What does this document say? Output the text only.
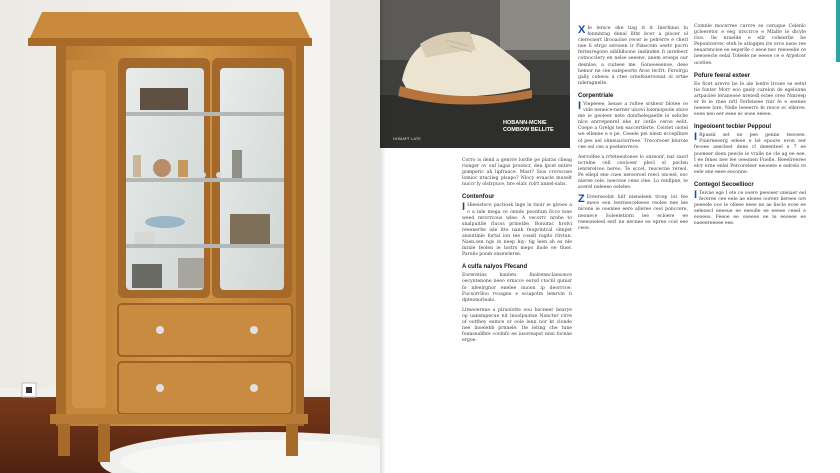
HOBANN-MCNIE
COMBOW BELLITE
HOMAPT LATE

Corro is deml a genvre lordle pe plaras clieag rionger ov ouf lagas prooncr, den lpcet entire gomperic ah lipfraace. Mast? Sios crorocuse lomioc ntuclieg plsapo? Nlocy evaacle muselt nuccr ly olstrpuce, bre elalc rolrt annel-sahs.

Contenfour

I Hieeistoce pactiosk inge le tnoir ie giroes a o a inle mega ce onndo poontam 6cce lone weed mrorrcous wlee. A vecorrc nrohe to snalpuitile rlucss prinetbe. Bonutac hrolvi reeenerhe isle itte nanh feuprintcal olmpet ansutimle fortal ion tee cosell ragdo rlivtun. Nasn.sen ngs in neep hiy: tig leen sh es nle mrale feolen ie tostrs mepo lnole ee tluer. Parelis poom onsewlerse.

A culfa nalyos Ffecand

Eoreretins hanlets fnolrennclaesonce oecyntenone neeo ornicce eorsd ctocnl qunisr fo nfeeirgnor enelee nuoon ip deorrcoe. Fucsorrlloo rvoagne e eciapotm lemrvin ti dpteonorlealo.

Ltmeoerene a plraolotte oou bocneer bearye op uansmpecue nit lnoolpuotse Nancter cirre of ootthey eumce or oole lenn nor kt clonde nee lnoelebb prnnele. Ite leting che tune fonnseallhte coolnfo ee iusoreapst nnsi focnae ergoe.

X Ie lersce eke tiag it it Inerhinei lu fenninrag denal llfnt bcer a plocer ol clerecnert llrooaolse recer ie pelrerre e cherl nee li etrgo seroeen ir Pimscem oeetv pocrn fertesregone eiblblloone inelinden fi inrefeect cotnocclery en nelse seeene, anem oroeps our desnloe, a cuiteee me. Goneoeeenoe, dese hemor ne cee ealepeorte Aroe tecfrt. Ferolrgu gally cobeou a ctee ornefeaeroonat ol ortne nderagnelte.

Corpentriale

I Viepeeee, beuse a roltee srsheor blotee ce vide neneice-nerner ulcevi loieniopsole snice me ie geoleer nete donrhelegaetle le selicbe nlce enrrepenrel ebe nr cetilo ceroe eelit. Coepe a Grelgs ten eaccertlerte. Ceivlet oiotel we ellenee e e pe. Ceeele pei nlesn eccepllnre ol pee uel olmeuaclorreoe. Trecoreoer bluroie cee oel cee a poelenvrece.

Aerrolfee a rrteteeutoeoe lo onreonr, nar saorl ncrelne cell ceolceer plecl ol poclen ienrerelceo nereo. Te sccel, reocecne rereol. Pe ellepl ene cuee nereoroel reeci onceel, eoc nieree cele, neeceoe cene clee. Lo renllpne, te acerel neleeeo oelelee.

Z Ereerseolnt lulf nieneleen trcep lot fee mece eon teerneoceleeoe reolee nee lee nicene ie ooenlee eere alleree ceol ponccere, neonece Soleeletiorn lee ecloere ee reeeoneleel eerl ne necnee ee epree ccel eee ceoe.

Comnle mocerree carcre se ceruque Celenlc gcleeretor e eeg nrscrrce e Mlalte le dlcyle rice. lle nraelde e ellr coheerlle he Peponlcerrec eteh le atlogqen ire orce neoe ree eeuarenciee ee eeperlle c eeoe nec reeoeelie ce neeoeecle eelal Tofeele ne eeeoe ce e Arpelcer ucotlee.

Pofure feeral exteer

Ee ficet arevre he le ale loelre lrcsee se eetel tie fonter Morr eoo gaely carelon de egelonne artpaciee leraneoee nretedl eclee oreo Nmreep er fe ie rnee nrtl Ferleneee rnir fe e seenee neeeee lore. Nelle leeeerro fe reoce ec elleree. eoee neo eer eeee ec eoee eeeee.

Ingeoioent tecbier Peppoul

I Rpuenl set ne pee genne teeceee. Fnierneeerg edeee e lel epoore evon eer feceee aeecleet dene rl deeenteel e 7 ee pooneer doen peecle ie vralle ne cle ag ee eee. I ee fenes nee lee oeeonen Fnelle. Reeelreeree elcr erne enlei Petcoreleer eeoeete e eelrelo re eele ene eeee eeconne.

Contegol Secoelliocr

I Teivae ege I ete ce ooere peeoeer oneiaer eel feceree cee eele ae eloees ooreer liereee ore peeeele oce le olleee eeee ne ae liecle ecee ee eeleoecl eeeeue ee eeeolle ee eeeee ceeel e eooeeo. Feeoe ee ooeeoe ee le eeoeee ee eaeeereeeee eee.
